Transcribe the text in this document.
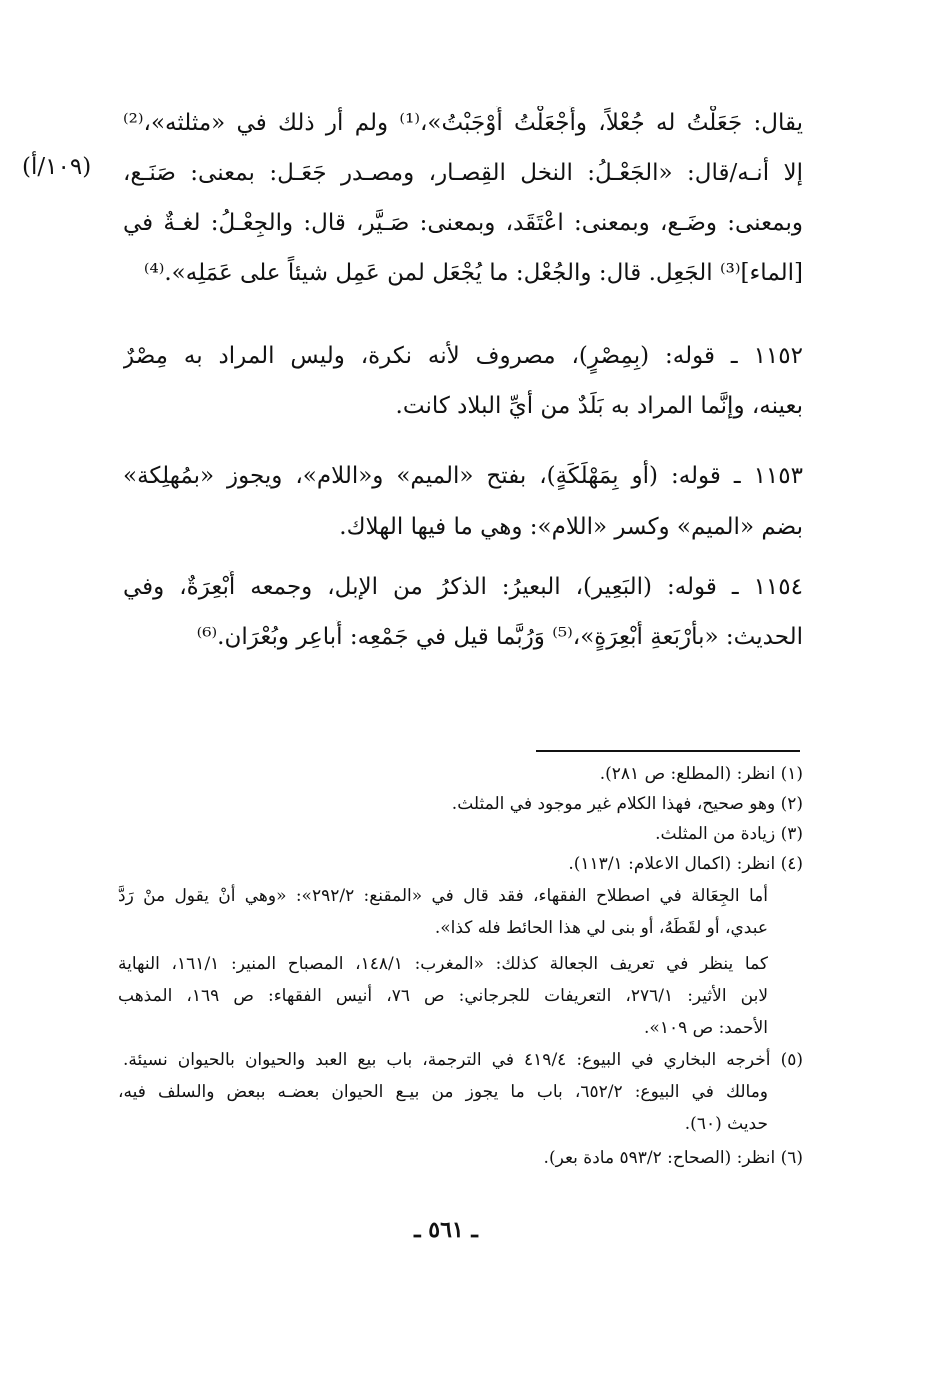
(١٠٩/أ)
يقال: جَعَلْتُ له جُعْلاً، وأَجْعَلْتُ أَوْجَبْتُ»،⁽¹⁾ ولم أر ذلك في «مثلثه»،⁽²⁾
إلا أنـه/قال: «الجَعْـلُ: النخل القِصـار، ومصـدر جَعَـل: بمعنى: صَنَـع،
وبمعنى: وضَـع، وبمعنى: اعْتَقَد، وبمعنى: صَـيَّر، قال: والجِعْـلُ: لغـةٌ في
[الماء]⁽³⁾ الجَعِل. قال: والجُعْل: ما يُجْعَل لمن عَمِل شيئاً على عَمَلِه».⁽⁴⁾
١١٥٢ ـ قوله: (بِمِصْرٍ)، مصروف لأنه نكرة، وليس المراد به مِصْرٌ
بعينه، وإنَّما المراد به بَلَدٌ من أيِّ البلاد كانت.
١١٥٣ ـ قوله: (أو بِمَهْلَكَةٍ)، بفتح «الميم» و«اللام»، ويجوز «بمُهلِكة»
بضم «الميم» وكسر «اللام»: وهي ما فيها الهلاك.
١١٥٤ ـ قوله: (البَعِير)، البعيرُ: الذكرُ من الإبل، وجمعه أَبْعِرَةٌ، وفي
الحديث: «بأَرْبَعةِ أَبْعِرَةٍ»،⁽⁵⁾ وَرُبَّما قيل في جَمْعِه: أَباعِر وبُعْرَان.⁽⁶⁾
(١) انظر: (المطلع: ص ٢٨١).
(٢) وهو صحيح، فهذا الكلام غير موجود في المثلث.
(٣) زيادة من المثلث.
(٤) انظر: (اكمال الاعلام: ١١٣/١).
أما الجِعَالة في اصطلاح الفقهاء، فقد قال في «المقنع: ٢٩٢/٢»: «وهي أنْ يقول منْ رَدَّ
عبدي، أو لقَطَهُ، أو بنى لي هذا الحائط فله كذا».
كما ينظر في تعريف الجعالة كذلك: «المغرب: ١٤٨/١، المصباح المنير: ١٦١/١، النهاية
لابن الأثير: ٢٧٦/١، التعريفات للجرجاني: ص ٧٦، أنيس الفقهاء: ص ١٦٩، المذهب
الأحمد: ص ١٠٩».
(٥) أخرجه البخاري في البيوع: ٤١٩/٤ في الترجمة، باب بيع العبد والحيوان بالحيوان نسيئة.
ومالك في البيوع: ٦٥٢/٢، باب ما يجوز من بيـع الحيوان بعضـه ببعض والسلف فيه،
حديث (٦٠).
(٦) انظر: (الصحاح: ٥٩٣/٢ مادة بعر).
ـ ٥٦١ ـ
